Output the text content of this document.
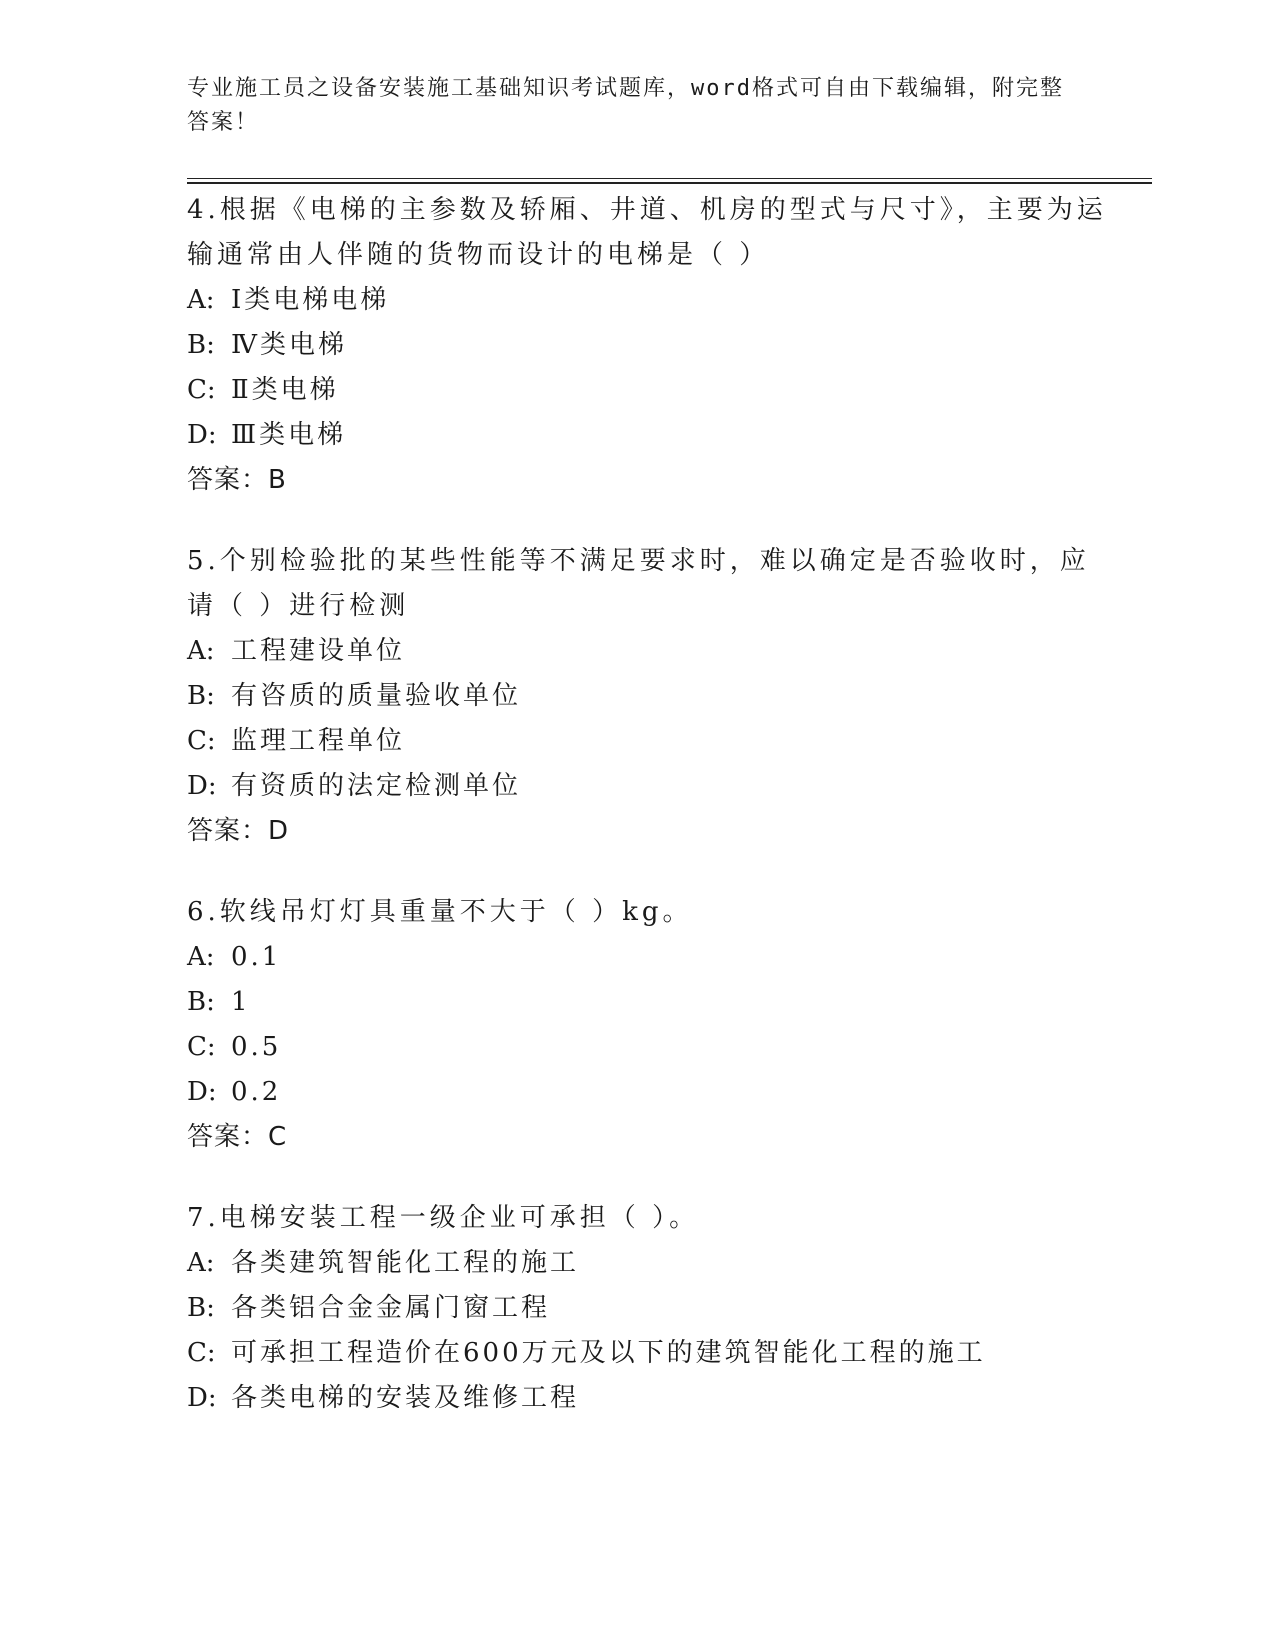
专业施工员之设备安装施工基础知识考试题库，word格式可自由下载编辑，附完整答案！

4.根据《电梯的主参数及轿厢、井道、机房的型式与尺寸》，主要为运输通常由人伴随的货物而设计的电梯是（ ）

A: Ⅰ类电梯电梯

B: Ⅳ类电梯

C: Ⅱ类电梯

D: Ⅲ类电梯

答案：B

5.个别检验批的某些性能等不满足要求时，难以确定是否验收时，应请（ ）进行检测

A: 工程建设单位

B: 有咨质的质量验收单位

C: 监理工程单位

D: 有资质的法定检测单位

答案：D

6.软线吊灯灯具重量不大于（ ）kg。

A: 0.1

B: 1

C: 0.5

D: 0.2

答案：C

7.电梯安装工程一级企业可承担（ ）。

A: 各类建筑智能化工程的施工

B: 各类铝合金金属门窗工程

C: 可承担工程造价在600万元及以下的建筑智能化工程的施工

D: 各类电梯的安装及维修工程
